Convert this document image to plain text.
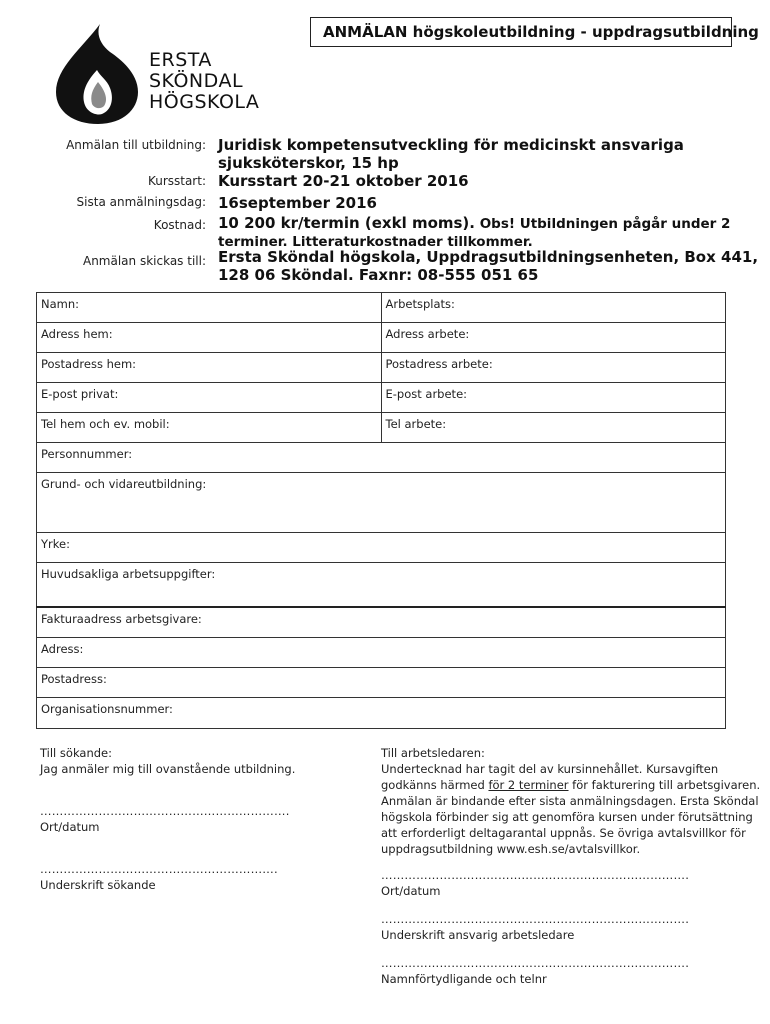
ANMÄLAN högskoleutbildning - uppdragsutbildning
ERSTA
SKÖNDAL
HÖGSKOLA
Anmälan till utbildning: Juridisk kompetensutveckling för medicinskt ansvariga
sjuksköterskor, 15 hp
Kursstart: Kursstart 20-21 oktober 2016
Sista anmälningsdag: 16september 2016
Kostnad: 10 200 kr/termin (exkl moms). Obs! Utbildningen pågår under 2
terminer. Litteraturkostnader tillkommer.
Anmälan skickas till: Ersta Sköndal högskola, Uppdragsutbildningsenheten, Box 441,
128 06 Sköndal. Faxnr: 08-555 051 65
Namn:	Arbetsplats:
Adress hem:	Adress arbete:
Postadress hem:	Postadress arbete:
E-post privat:	E-post arbete:
Tel hem och ev. mobil:	Tel arbete:
Personnummer:	
Grund- och vidareutbildning:	
Yrke:	
Huvudsakliga arbetsuppgifter:	
Fakturaadress arbetsgivare:	
Adress:	
Postadress:	
Organisationsnummer:	
Till sökande:
Jag anmäler mig till ovanstående utbildning.
……………………………………………………….
Ort/datum
…………………………………………………….
Underskrift sökande
Till arbetsledaren:
Undertecknad har tagit del av kursinnehållet. Kursavgiften
godkänns härmed för 2 terminer för fakturering till arbetsgivaren.
Anmälan är bindande efter sista anmälningsdagen. Ersta Sköndal
högskola förbinder sig att genomföra kursen under förutsättning
att erforderligt deltagarantal uppnås. Se övriga avtalsvillkor för
uppdragsutbildning www.esh.se/avtalsvillkor.
…………………………………………………………………….
Ort/datum
…………………………………………………………………….
Underskrift ansvarig arbetsledare
…………………………………………………………………….
Namnförtydligande och telnr
